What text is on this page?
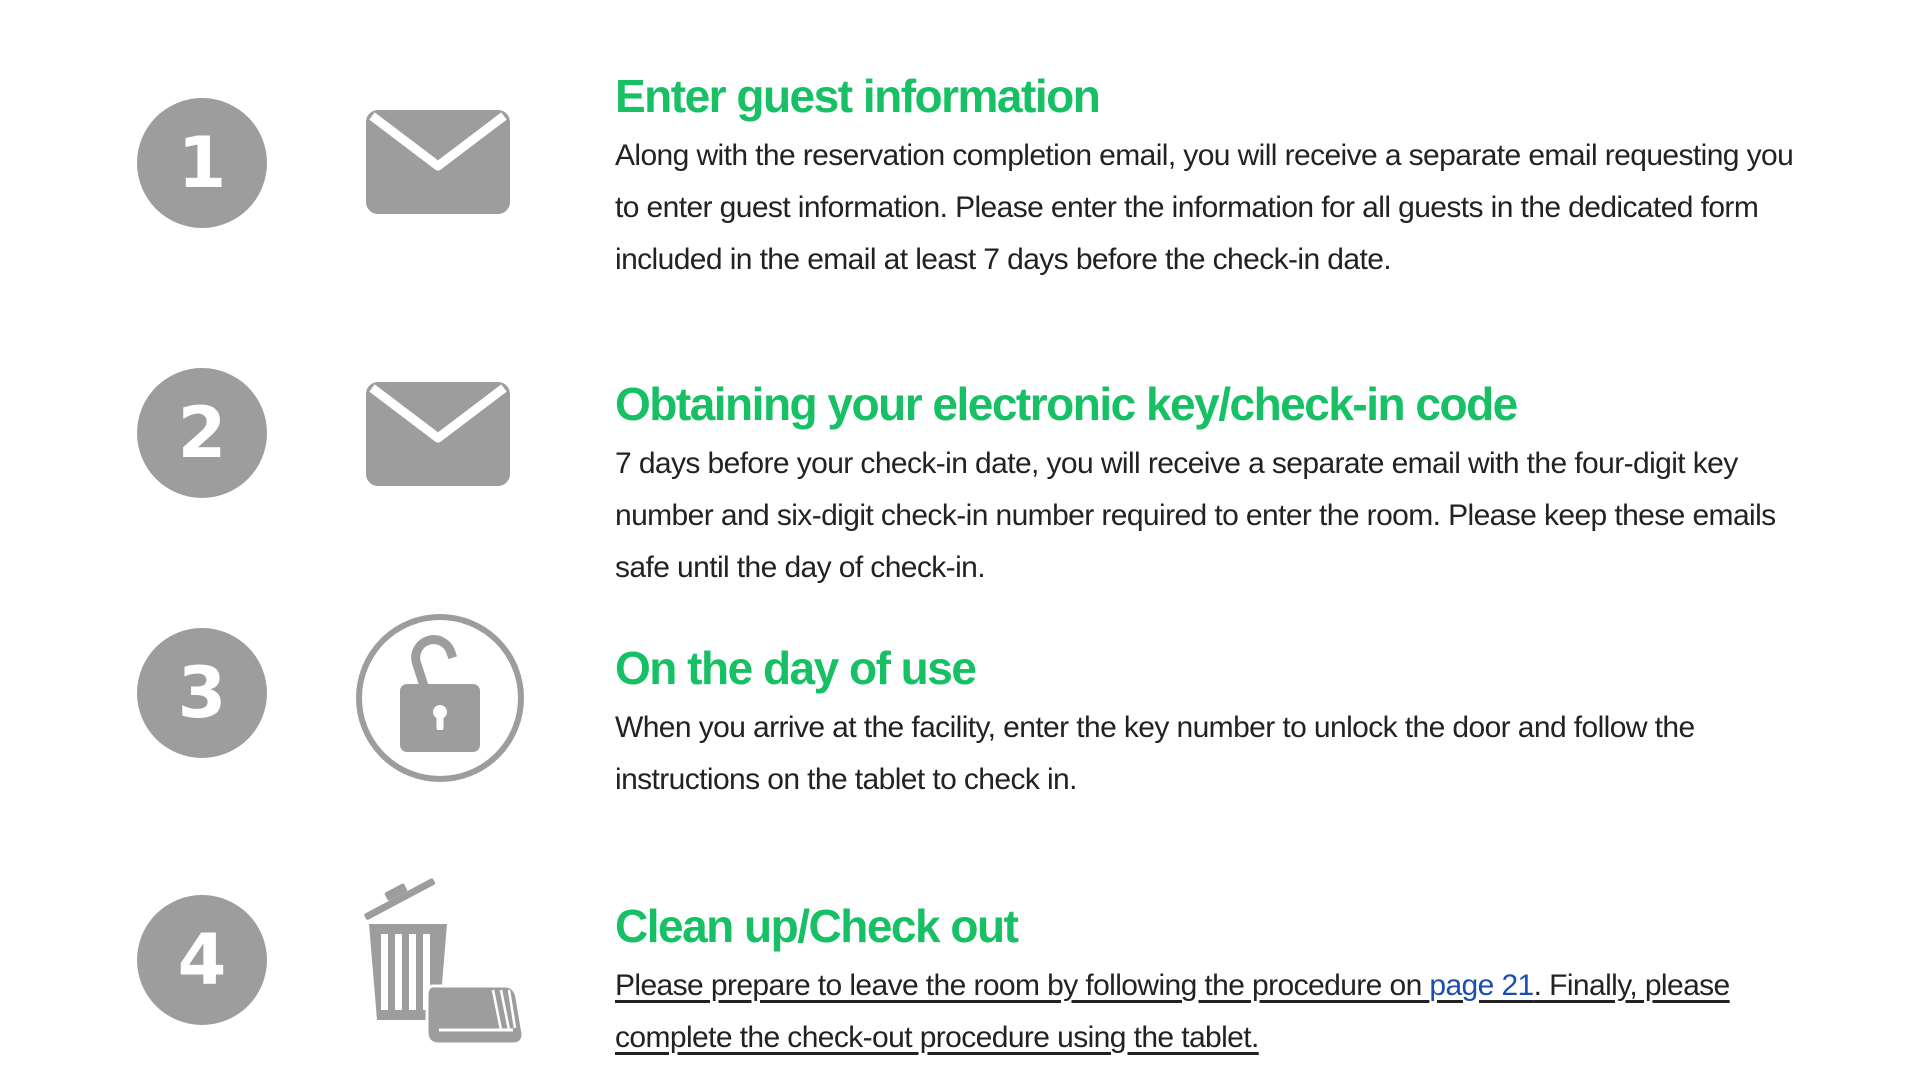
1
Enter guest information
Along with the reservation completion email, you will receive a separate email requesting you to enter guest information. Please enter the information for all guests in the dedicated form included in the email at least 7 days before the check-in date.
2	Obtaining your electronic key/check-in code
7 days before your check-in date, you will receive a separate email with the four-digit key number and six-digit check-in number required to enter the room. Please keep these emails safe until the day of check-in.
3	On the day of use
When you arrive at the facility, enter the key number to unlock the door and follow the instructions on the tablet to check in.
4	Clean up/Check out
Please prepare to leave the room by following the procedure on page 21. Finally, please complete the check-out procedure using the tablet.
